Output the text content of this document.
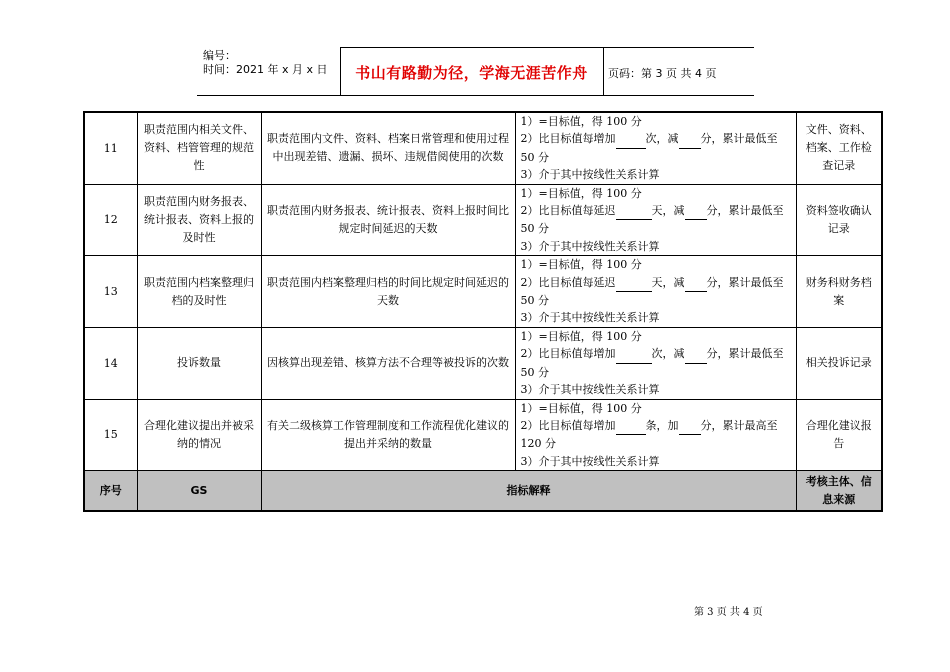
编号：
时间：2021 年 x 月 x 日	书山有路勤为径，学海无涯苦作舟	页码：第 3 页 共 4 页
11	职责范围内相关文件、资料、档管管理的规范性	职责范围内文件、资料、档案日常管理和使用过程中出现差错、遗漏、损坏、违规借阅使用的次数	1）=目标值，得 100 分
2）比目标值每增加 次，减 分，累计最低至 50 分
3）介于其中按线性关系计算	文件、资料、档案、工作检查记录
12	职责范围内财务报表、统计报表、资料上报的及时性	职责范围内财务报表、统计报表、资料上报时间比规定时间延迟的天数	1）=目标值，得 100 分
2）比目标值每延迟 天，减 分，累计最低至 50 分
3）介于其中按线性关系计算	资料签收确认记录
13	职责范围内档案整理归档的及时性	职责范围内档案整理归档的时间比规定时间延迟的天数	1）=目标值，得 100 分
2）比目标值每延迟 天，减 分，累计最低至 50 分
3）介于其中按线性关系计算	财务科财务档案
14	投诉数量	因核算出现差错、核算方法不合理等被投诉的次数	1）=目标值，得 100 分
2）比目标值每增加 次，减 分，累计最低至 50 分
3）介于其中按线性关系计算	相关投诉记录
15	合理化建议提出并被采纳的情况	有关二级核算工作管理制度和工作流程优化建议的提出并采纳的数量	1）=目标值，得 100 分
2）比目标值每增加 条，加 分，累计最高至 120 分
3）介于其中按线性关系计算	合理化建议报告
序号	GS	指标解释		考核主体、信息来源
第 3 页 共 4 页
